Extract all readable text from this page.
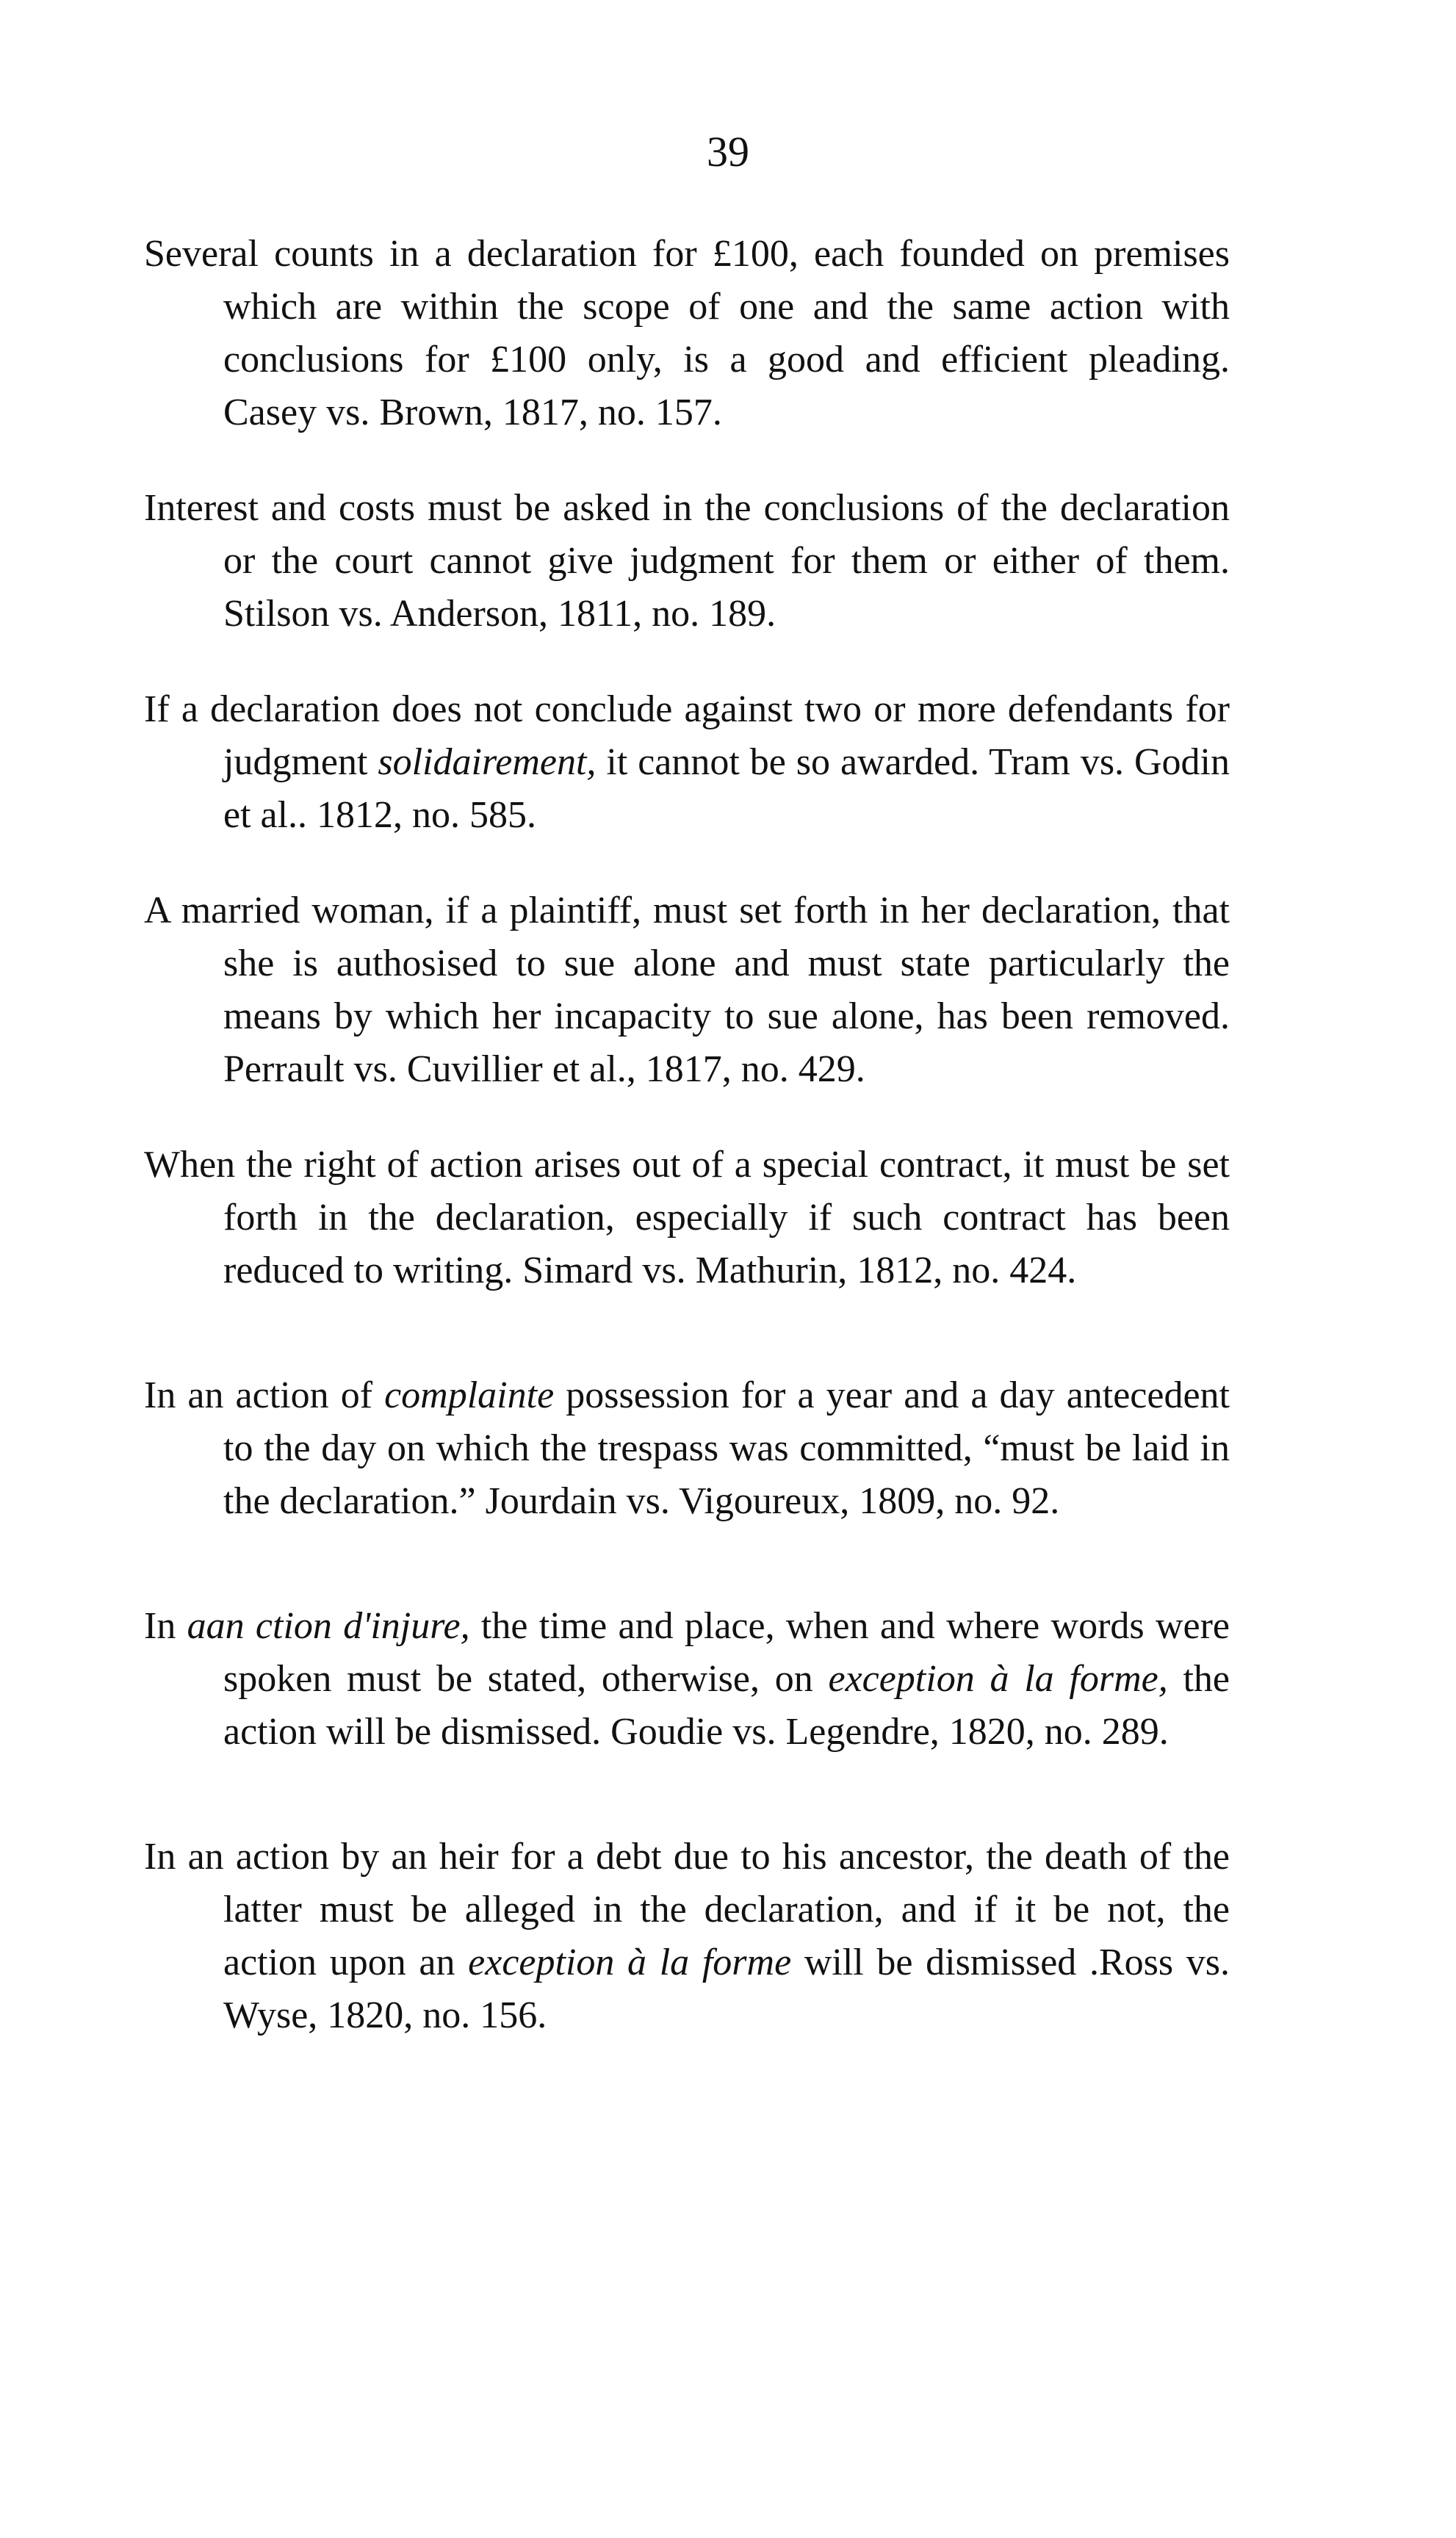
39

Several counts in a declaration for £100, each founded on premises which are within the scope of one and the same action with conclusions for £100 only, is a good and efficient pleading. Casey vs. Brown, 1817, no. 157.

Interest and costs must be asked in the conclusions of the declaration or the court cannot give judgment for them or either of them. Stilson vs. Anderson, 1811, no. 189.

If a declaration does not conclude against two or more defendants for judgment solidairement, it cannot be so awarded. Tram vs. Godin et al.. 1812, no. 585.

A married woman, if a plaintiff, must set forth in her declaration, that she is authosised to sue alone and must state particularly the means by which her incapacity to sue alone, has been removed. Perrault vs. Cuvillier et al., 1817, no. 429.

When the right of action arises out of a special contract, it must be set forth in the declaration, especially if such contract has been reduced to writing. Simard vs. Mathurin, 1812, no. 424.

In an action of complainte possession for a year and a day antecedent to the day on which the trespass was committed, “must be laid in the declaration.” Jourdain vs. Vigoureux, 1809, no. 92.

In aan ction d'injure, the time and place, when and where words were spoken must be stated, otherwise, on exception à la forme, the action will be dismissed. Goudie vs. Legendre, 1820, no. 289.

In an action by an heir for a debt due to his ancestor, the death of the latter must be alleged in the declaration, and if it be not, the action upon an exception à la forme will be dismissed .Ross vs. Wyse, 1820, no. 156.
